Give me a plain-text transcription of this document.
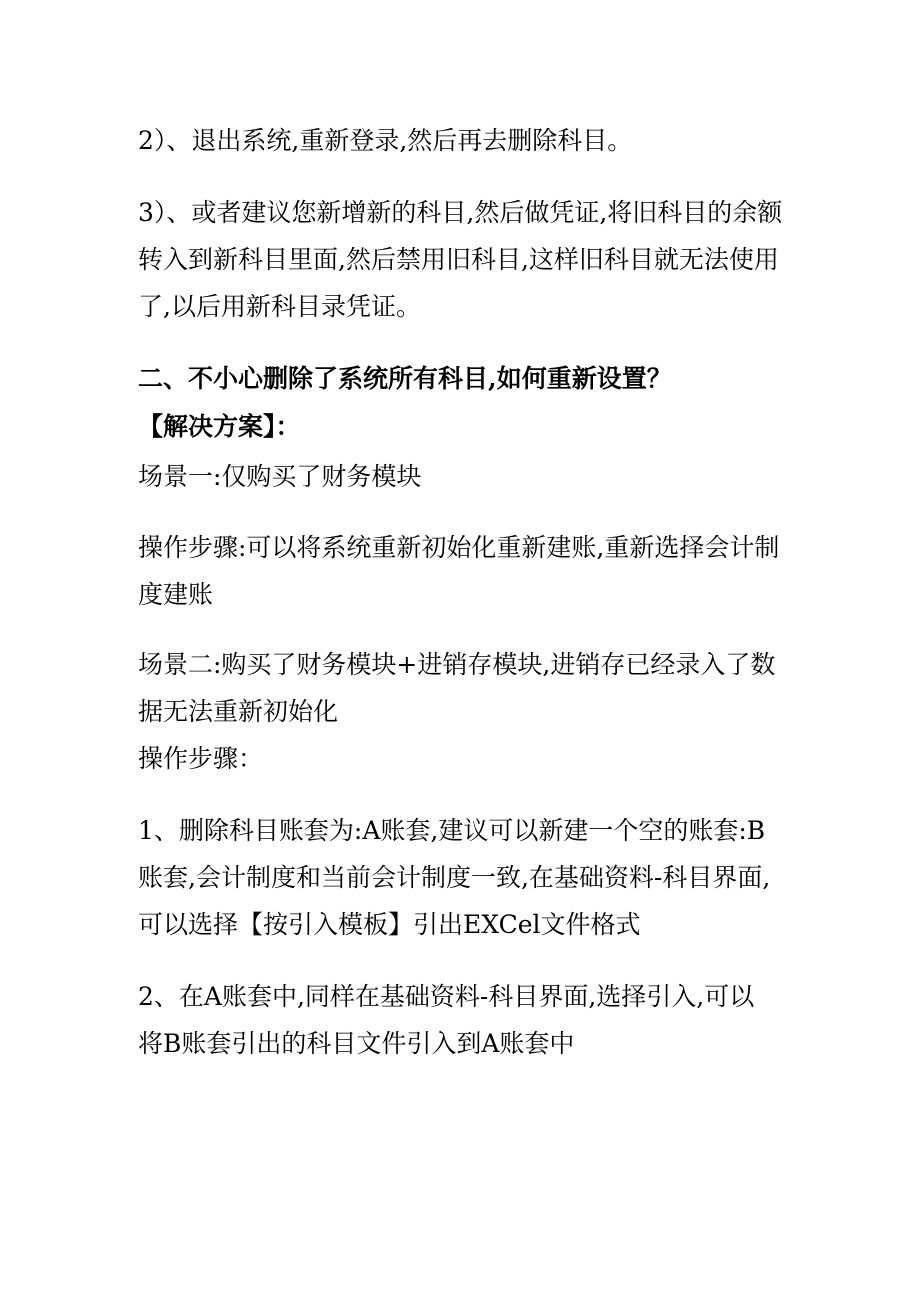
2）、退出系统,重新登录,然后再去删除科目。

3）、或者建议您新增新的科目,然后做凭证,将旧科目的余额
转入到新科目里面,然后禁用旧科目,这样旧科目就无法使用
了,以后用新科目录凭证。

二、不小心删除了系统所有科目,如何重新设置？

【解决方案】：

场景一:仅购买了财务模块

操作步骤:可以将系统重新初始化重新建账,重新选择会计制
度建账

场景二:购买了财务模块+进销存模块,进销存已经录入了数
据无法重新初始化

操作步骤：

1、删除科目账套为:A账套,建议可以新建一个空的账套:B
账套,会计制度和当前会计制度一致,在基础资料-科目界面,
可以选择【按引入模板】引出EXCel文件格式

2、在A账套中,同样在基础资料-科目界面,选择引入,可以
将B账套引出的科目文件引入到A账套中
